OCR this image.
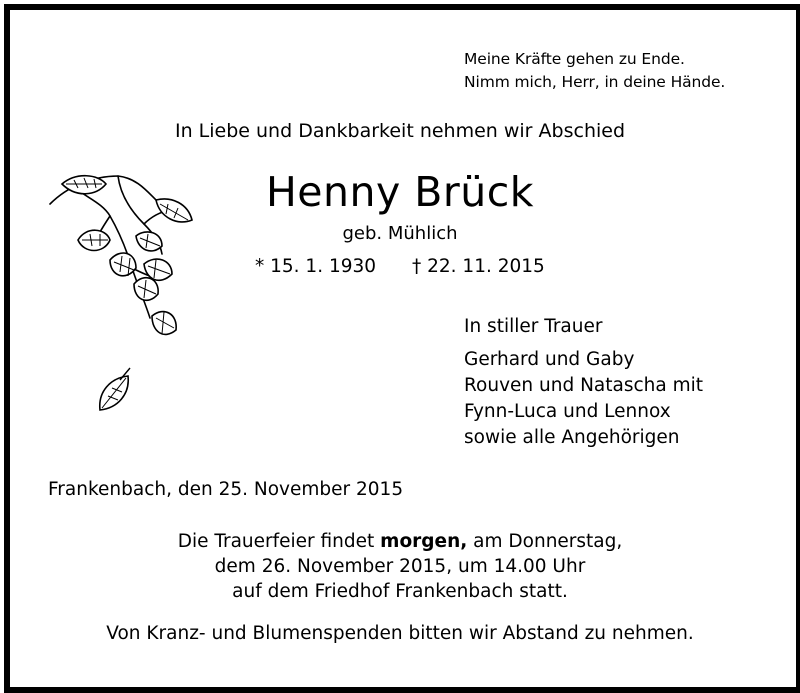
Meine Kräfte gehen zu Ende.
Nimm mich, Herr, in deine Hände.
In Liebe und Dankbarkeit nehmen wir Abschied
Henny Brück
geb. Mühlich
* 15. 1. 1930 † 22. 11. 2015
In stiller Trauer
Gerhard und Gaby
Rouven und Natascha mit
Fynn-Luca und Lennox
sowie alle Angehörigen
Frankenbach, den 25. November 2015
Die Trauerfeier findet morgen, am Donnerstag,
dem 26. November 2015, um 14.00 Uhr
auf dem Friedhof Frankenbach statt.
Von Kranz- und Blumenspenden bitten wir Abstand zu nehmen.
